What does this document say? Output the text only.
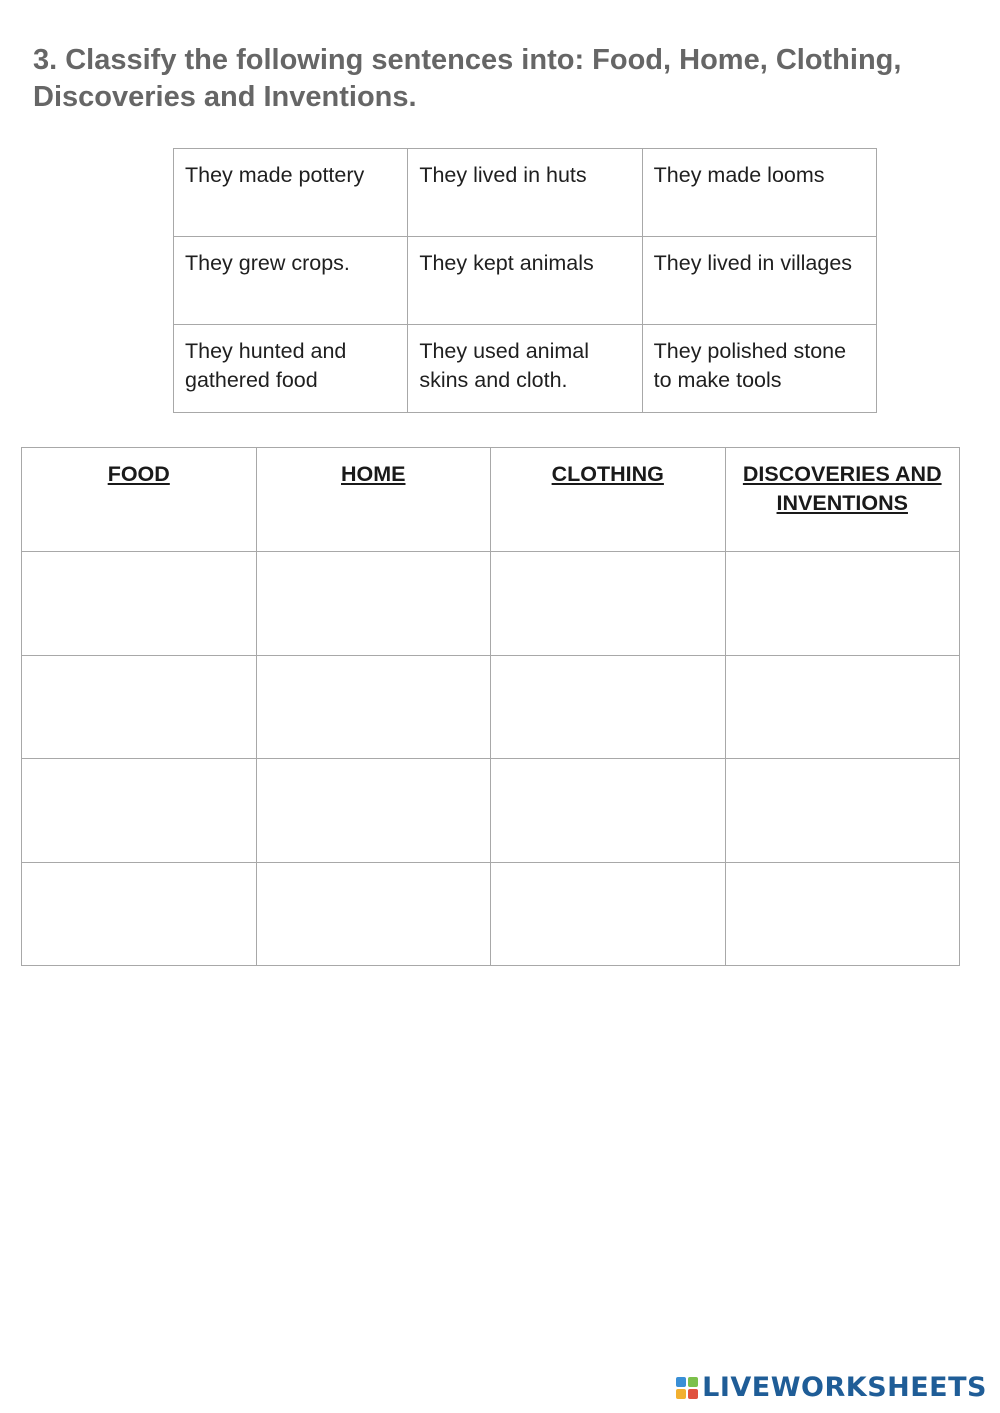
3. Classify the following sentences into: Food, Home, Clothing,
Discoveries and Inventions.
They made pottery	They lived in huts	They made looms
They grew crops.	They kept animals	They lived in villages
They hunted and gathered food	They used animal skins and cloth.	They polished stone to make tools
FOOD	HOME	CLOTHING	DISCOVERIES AND INVENTIONS

LIVEWORKSHEETS
